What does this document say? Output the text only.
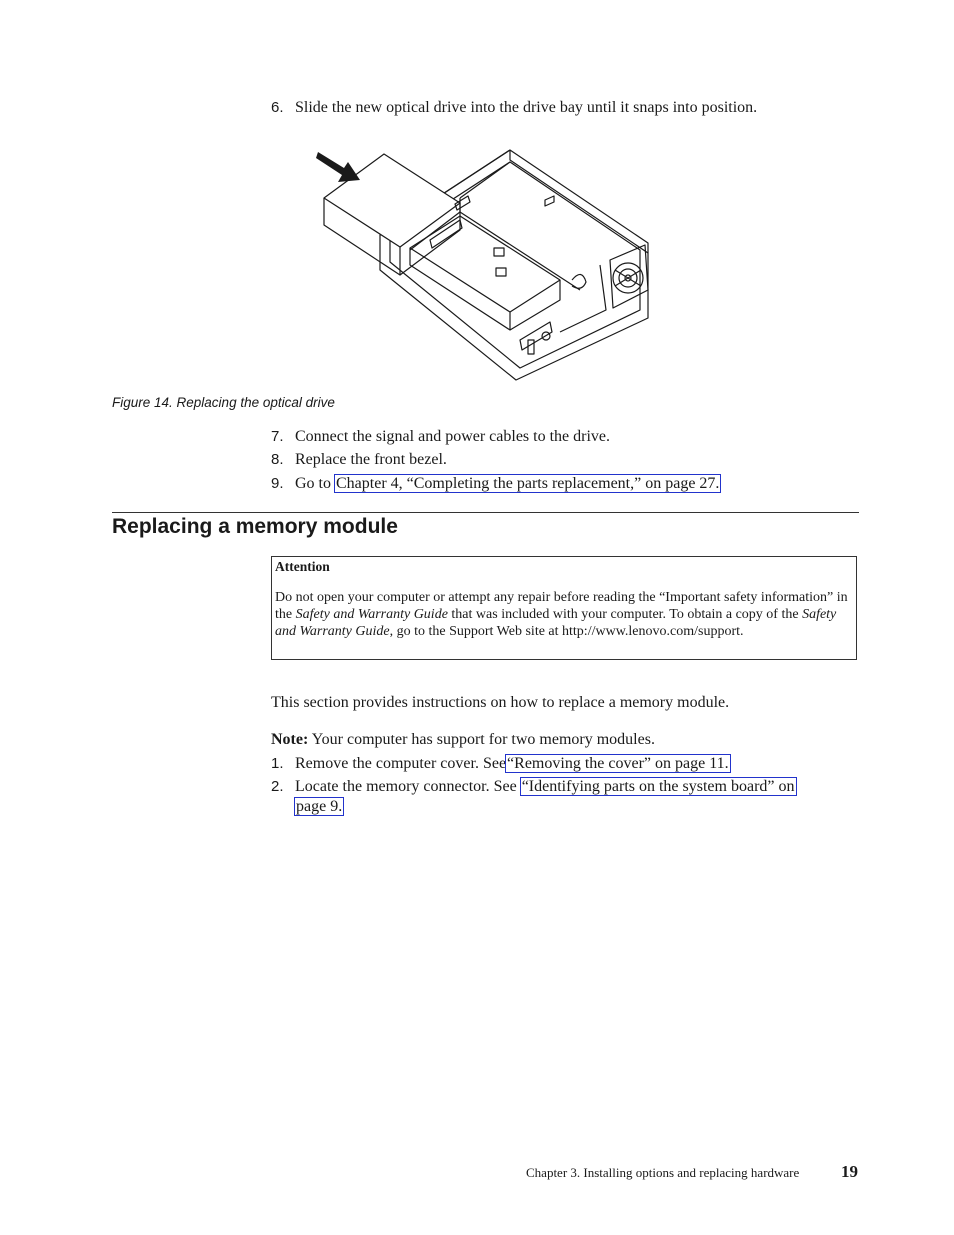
6. Slide the new optical drive into the drive bay until it snaps into position.
Figure 14. Replacing the optical drive
7. Connect the signal and power cables to the drive.
8. Replace the front bezel.
9. Go to Chapter 4, “Completing the parts replacement,” on page 27.
Replacing a memory module
Attention
Do not open your computer or attempt any repair before reading the “Important safety information” in the Safety and Warranty Guide that was included with your computer. To obtain a copy of the Safety and Warranty Guide, go to the Support Web site at http://www.lenovo.com/support.
This section provides instructions on how to replace a memory module.
Note: Your computer has support for two memory modules.
1. Remove the computer cover. See“Removing the cover” on page 11.
2. Locate the memory connector. See “Identifying parts on the system board” on
page 9.
Chapter 3. Installing options and replacing hardware 19
